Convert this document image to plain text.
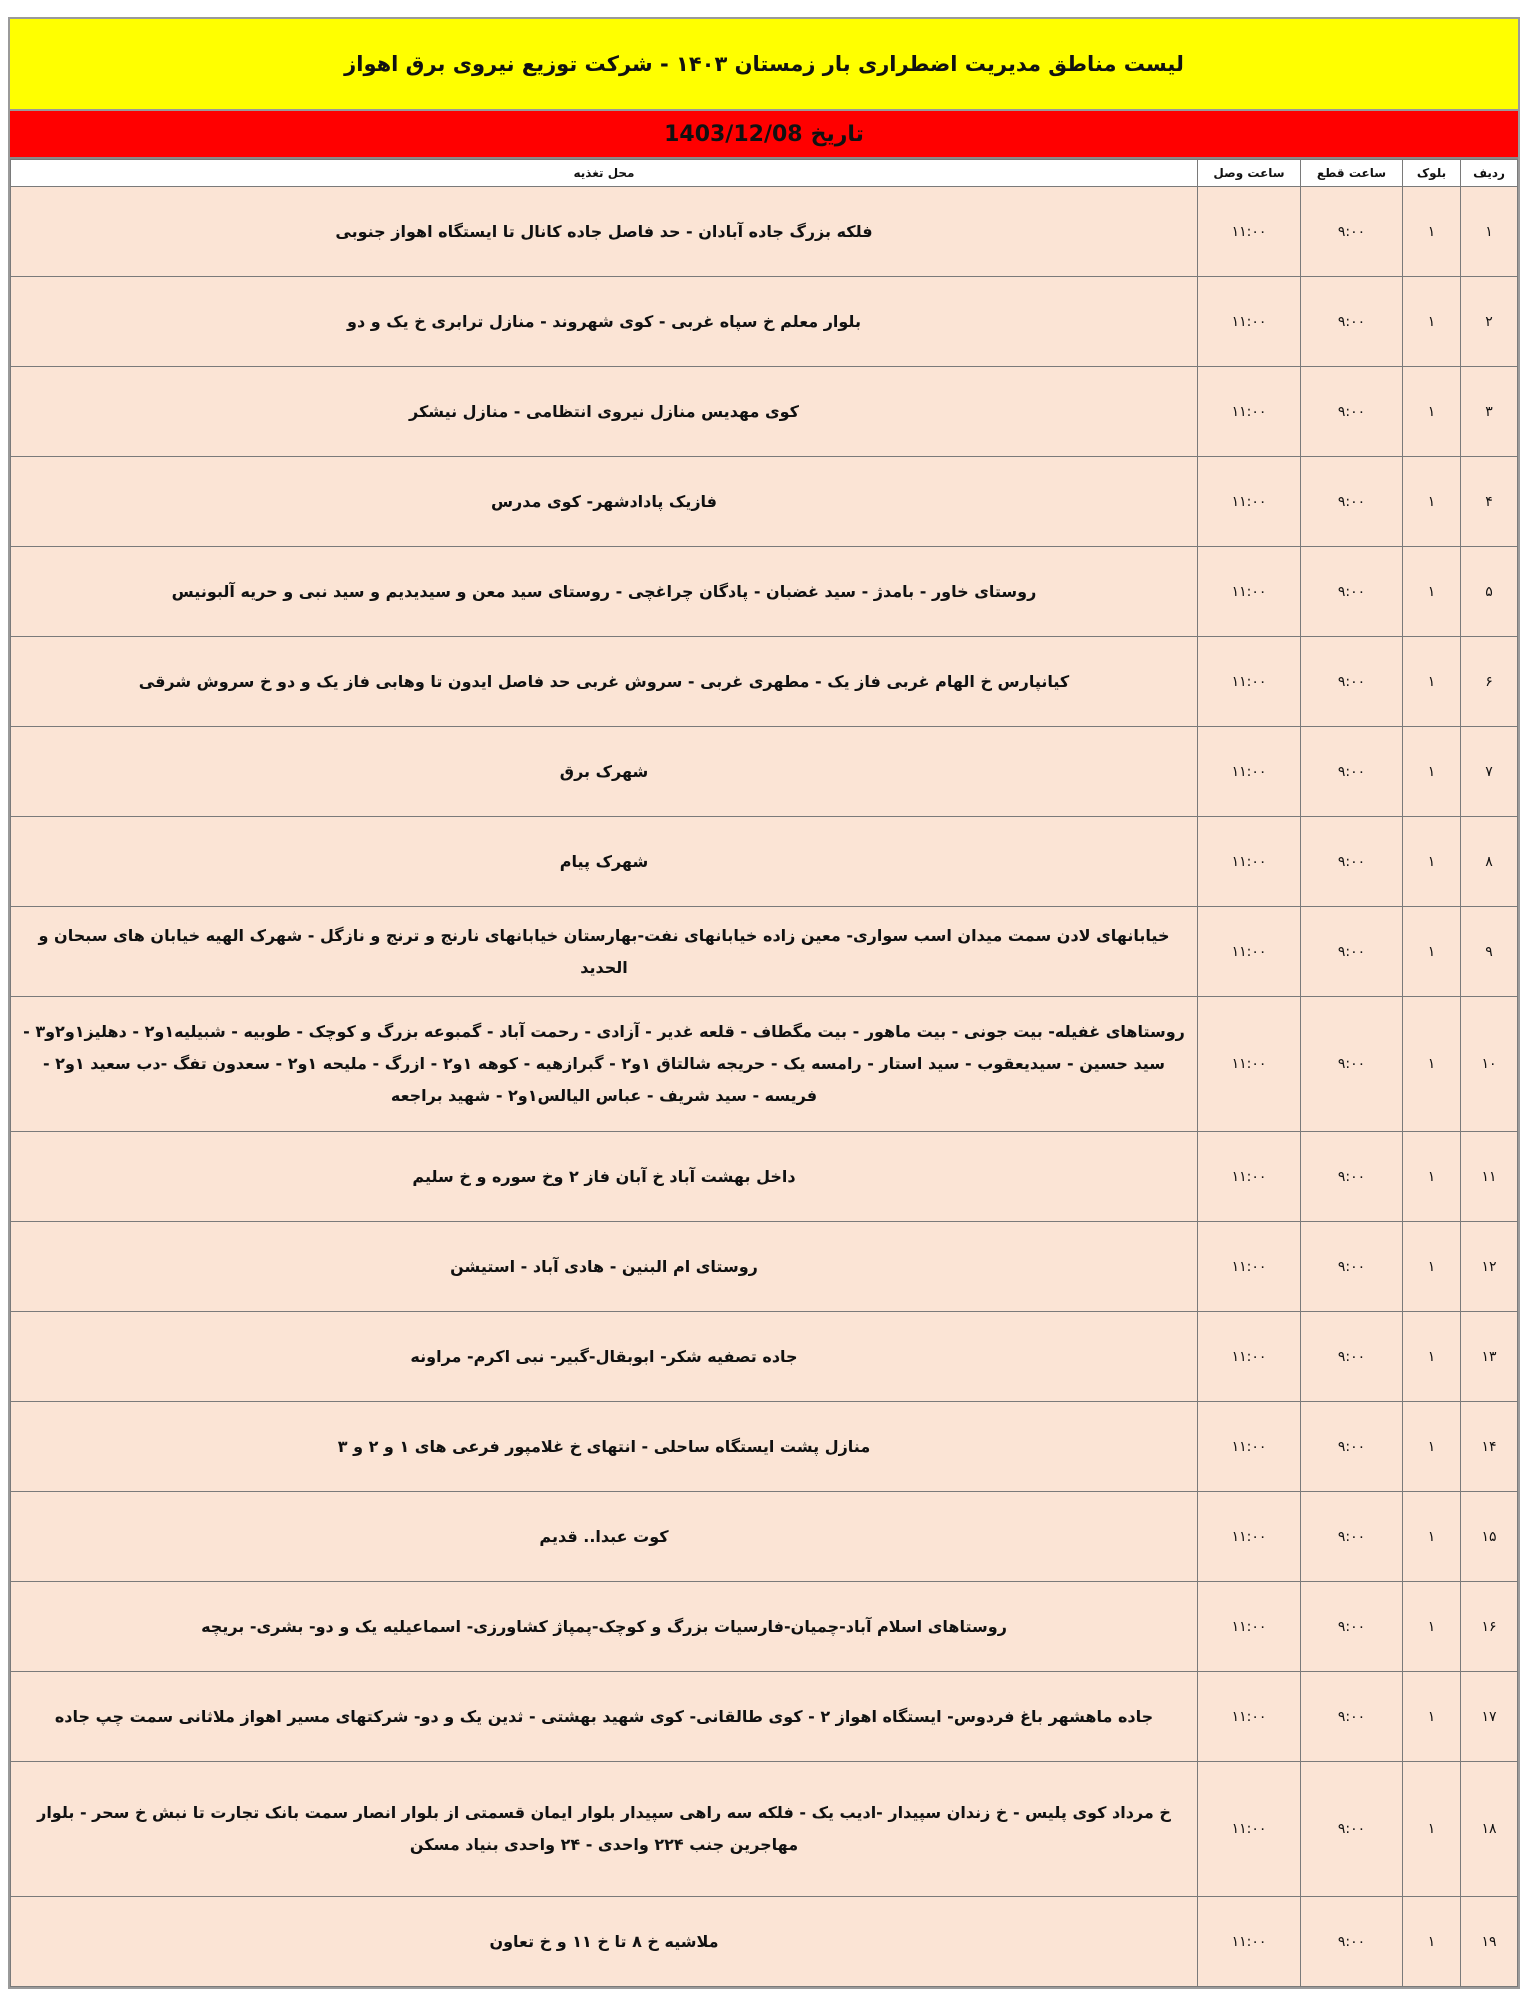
لیست مناطق مدیریت اضطراری بار زمستان ۱۴۰۳ - شرکت توزیع نیروی برق اهواز
تاریخ
1403/12/08
ردیف	بلوک	ساعت قطع	ساعت وصل	محل تغذیه
۱	۱	۹:۰۰	۱۱:۰۰	فلکه بزرگ جاده آبادان - حد فاصل جاده کانال تا ایستگاه اهواز جنوبی
۲	۱	۹:۰۰	۱۱:۰۰	بلوار معلم خ سپاه غربی - کوی شهروند - منازل ترابری خ یک و دو
۳	۱	۹:۰۰	۱۱:۰۰	کوی مهدیس منازل نیروی انتظامی - منازل نیشکر
۴	۱	۹:۰۰	۱۱:۰۰	فازیک پادادشهر- کوی مدرس
۵	۱	۹:۰۰	۱۱:۰۰	روستای خاور - بامدژ - سید غضبان - پادگان چراغچی - روستای سید معن و سیدیدیم و سید نبی و حریه آلبونیس
۶	۱	۹:۰۰	۱۱:۰۰	کیانپارس خ الهام غربی فاز یک - مطهری غربی - سروش غربی حد فاصل ایدون تا وهابی فاز یک و دو خ سروش شرقی
۷	۱	۹:۰۰	۱۱:۰۰	شهرک برق
۸	۱	۹:۰۰	۱۱:۰۰	شهرک پیام
۹	۱	۹:۰۰	۱۱:۰۰	خیابانهای لادن سمت میدان اسب سواری- معین زاده خیابانهای نفت-بهارستان خیابانهای نارنج و ترنج و نازگل - شهرک الهیه خیابان های سبحان و الحدید
۱۰	۱	۹:۰۰	۱۱:۰۰	روستاهای غفیله- بیت جونی - بیت ماهور - بیت مگطاف - قلعه غدیر - آزادی - رحمت آباد - گمبوعه بزرگ و کوچک - طوبیه - شبیلیه۱و۲ - دهلیز۱و۲و۳ - سید حسین - سیدیعقوب - سید استار - رامسه یک - حریجه شالتاق ۱و۲ - گبرازهیه - کوهه ۱و۲ - ازرگ - ملیحه ۱و۲ - سعدون تفگ -دب سعید ۱و۲ - فریسه - سید شریف - عباس الیالس۱و۲ - شهید براجعه
۱۱	۱	۹:۰۰	۱۱:۰۰	داخل بهشت آباد خ آبان فاز ۲ وخ سوره و خ سلیم
۱۲	۱	۹:۰۰	۱۱:۰۰	روستای ام البنین - هادی آباد - استیشن
۱۳	۱	۹:۰۰	۱۱:۰۰	جاده تصفیه شکر- ابوبقال-گبیر- نبی اکرم- مراونه
۱۴	۱	۹:۰۰	۱۱:۰۰	منازل پشت ایستگاه ساحلی - انتهای خ غلامپور فرعی های ۱ و ۲ و ۳
۱۵	۱	۹:۰۰	۱۱:۰۰	کوت عبدا.. قدیم
۱۶	۱	۹:۰۰	۱۱:۰۰	روستاهای اسلام آباد-چمیان-فارسیات بزرگ و کوچک-پمپاژ کشاورزی- اسماعیلیه یک و دو- بشری- بریچه
۱۷	۱	۹:۰۰	۱۱:۰۰	جاده ماهشهر باغ فردوس- ایستگاه اهواز ۲ - کوی طالقانی- کوی شهید بهشتی - ثدین یک و دو- شرکتهای مسیر اهواز ملاثانی سمت چپ جاده
۱۸	۱	۹:۰۰	۱۱:۰۰	خ مرداد کوی پلیس - خ زندان سپیدار -ادیب یک - فلکه سه راهی سپیدار بلوار ایمان قسمتی از بلوار انصار سمت بانک تجارت تا نبش خ سحر - بلوار مهاجرین جنب ۲۲۴ واحدی - ۲۴ واحدی بنیاد مسکن
۱۹	۱	۹:۰۰	۱۱:۰۰	ملاشیه خ ۸ تا خ ۱۱ و خ تعاون
